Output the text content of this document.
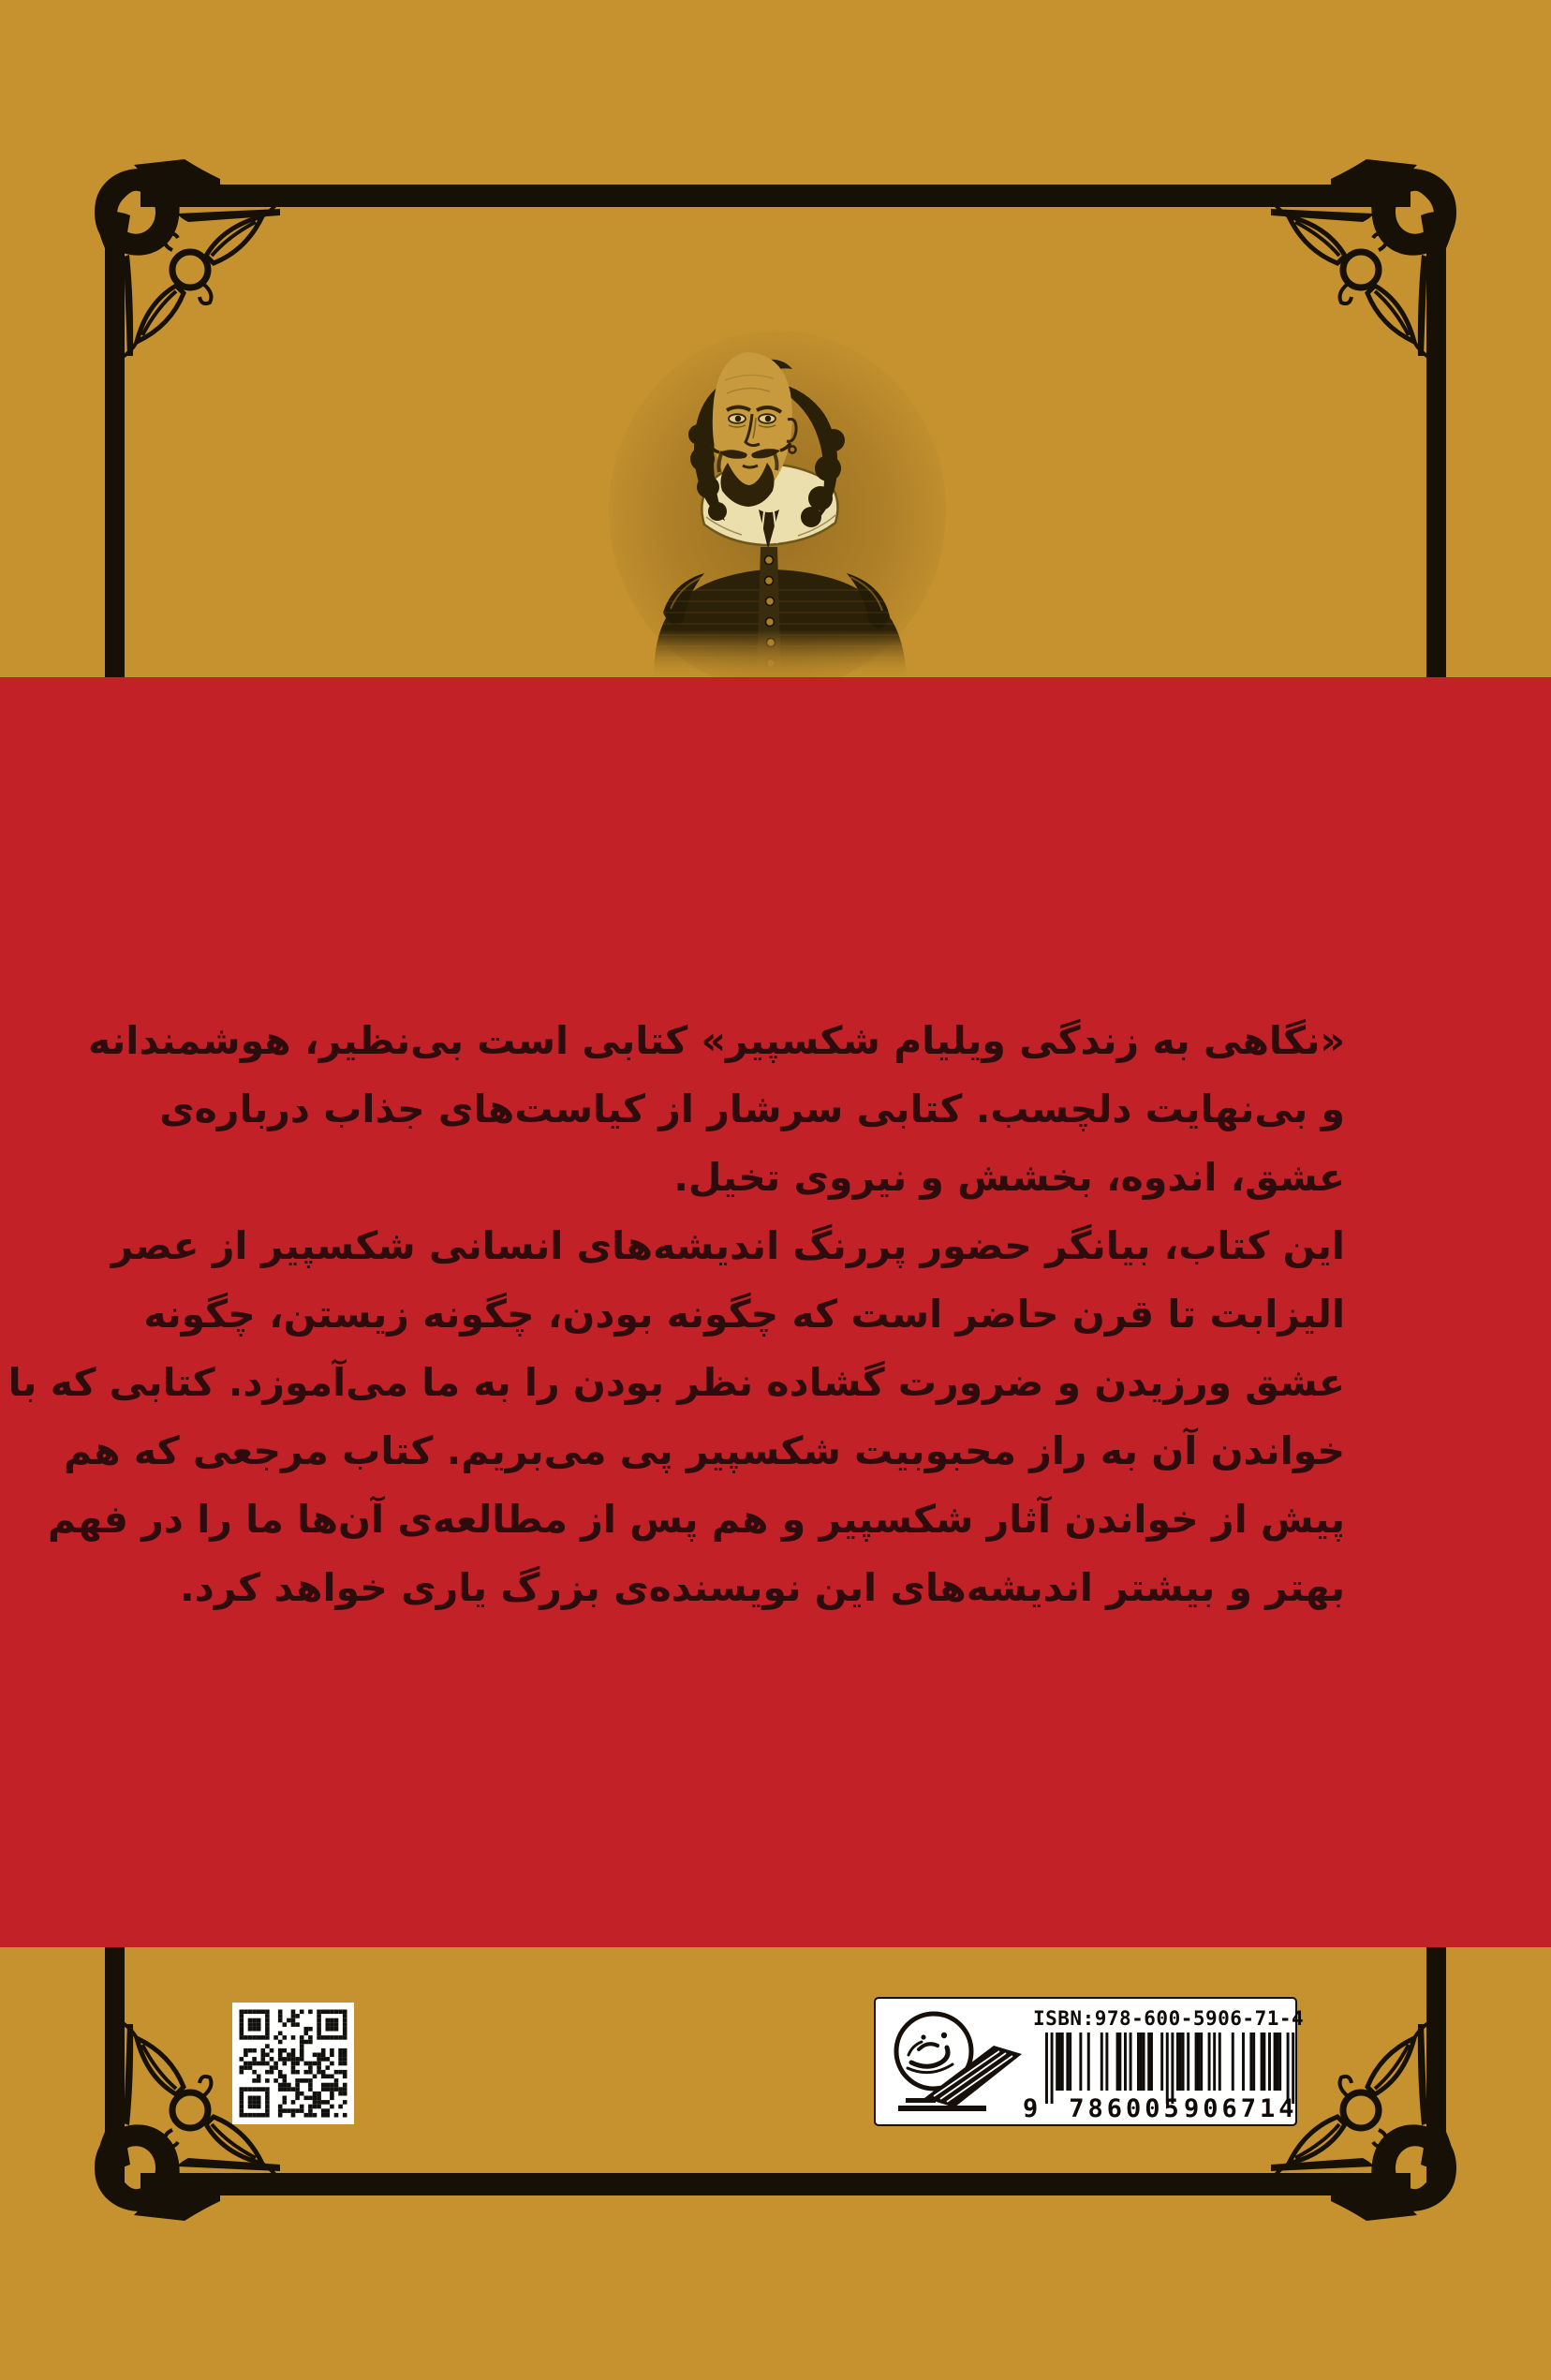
«نگاهی به زندگی ویلیام شکسپیر» کتابی است بی‌نظیر، هوشمندانه
و بی‌نهایت دلچسب. کتابی سرشار از کیاست‌های جذاب درباره‌ی
عشق، اندوه، بخشش و نیروی تخیل.
این کتاب، بیانگر حضور پررنگ اندیشه‌های انسانی شکسپیر از عصر
الیزابت تا قرن حاضر است که چگونه بودن، چگونه زیستن، چگونه
عشق ورزیدن و ضرورت گشاده نظر بودن را به ما می‌آموزد. کتابی که با
خواندن آن به راز محبوبیت شکسپیر پی می‌بریم. کتاب مرجعی که هم
پیش از خواندن آثار شکسپیر و هم پس از مطالعه‌ی آن‌ها ما را در فهم
بهتر و بیشتر اندیشه‌های این نویسنده‌ی بزرگ یاری خواهد کرد.
ISBN:978-600-5906-71-4
9 786005 906714
